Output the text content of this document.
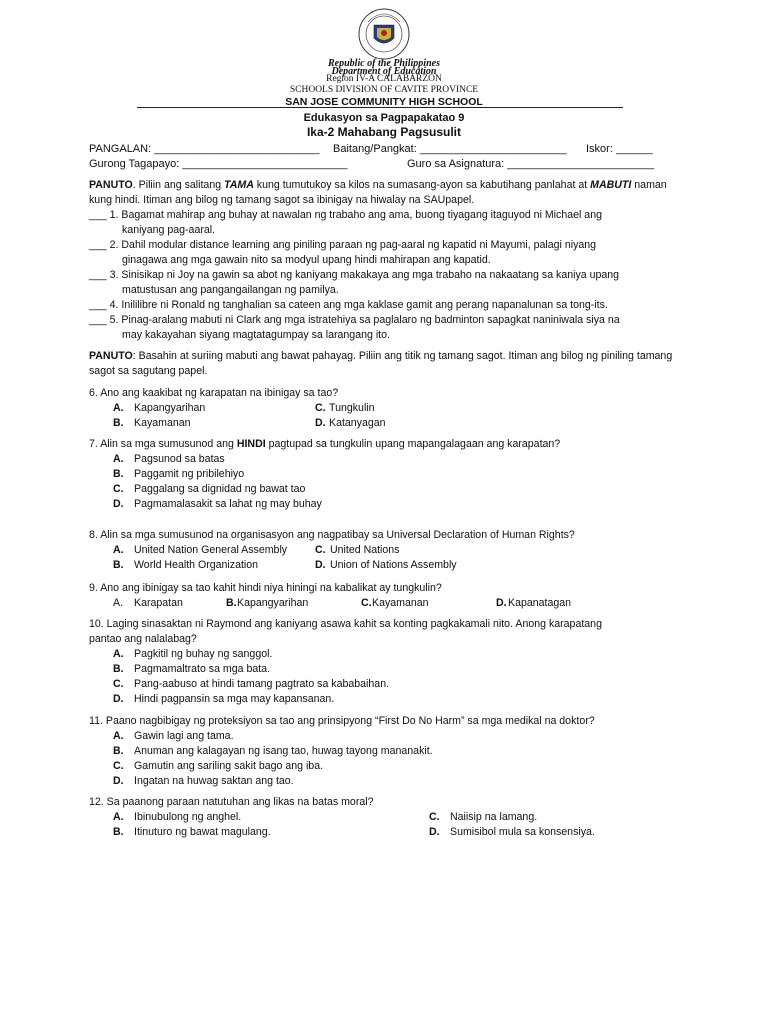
Republic of the Philippines
Department of Education
Region IV-A CALABARZON
SCHOOLS DIVISION OF CAVITE PROVINCE
SAN JOSE COMMUNITY HIGH SCHOOL
Edukasyon sa Pagpapakatao 9
Ika-2 Mahabang Pagsusulit
PANGALAN: ___________________________ Baitang/Pangkat: ________________________ Iskor: ______
Gurong Tagapayo: ___________________________	Guro sa Asignatura: ________________________
PANUTO. Piliin ang salitang TAMA kung tumutukoy sa kilos na sumasang-ayon sa kabutihang panlahat at MABUTI naman kung hindi. Itiman ang bilog ng tamang sagot sa ibinigay na hiwalay na SAUpapel.
___ 1. Bagamat mahirap ang buhay at nawalan ng trabaho ang ama, buong tiyagang itaguyod ni Michael ang
kaniyang pag-aaral.
___ 2. Dahil modular distance learning ang piniling paraan ng pag-aaral ng kapatid ni Mayumi, palagi niyang
ginagawa ang mga gawain nito sa modyul upang hindi mahirapan ang kapatid.
___ 3. Sinisikap ni Joy na gawin sa abot ng kaniyang makakaya ang mga trabaho na nakaatang sa kaniya upang
matustusan ang pangangailangan ng pamilya.
___ 4. Inililibre ni Ronald ng tanghalian sa cateen ang mga kaklase gamit ang perang napanalunan sa tong-its.
___ 5. Pinag-aralang mabuti ni Clark ang mga istratehiya sa paglalaro ng badminton sapagkat naniniwala siya na
may kakayahan siyang magtatagumpay sa larangang ito.
PANUTO: Basahin at suriing mabuti ang bawat pahayag. Piliin ang titik ng tamang sagot. Itiman ang bilog ng piniling tamang sagot sa sagutang papel.
6. Ano ang kaakibat ng karapatan na ibinigay sa tao?
A. Kapangyarihan
B. Kayamanan
C. Tungkulin
D. Katanyagan
7. Alin sa mga sumusunod ang HINDI pagtupad sa tungkulin upang mapangalagaan ang karapatan?
A. Pagsunod sa batas
B. Paggamit ng pribilehiyo
C. Paggalang sa dignidad ng bawat tao
D. Pagmamalasakit sa lahat ng may buhay
8. Alin sa mga sumusunod na organisasyon ang nagpatibay sa Universal Declaration of Human Rights?
A. United Nation General Assembly
B. World Health Organization
C. United Nations
D. Union of Nations Assembly
9. Ano ang ibinigay sa tao kahit hindi niya hiningi na kabalikat ay tungkulin?
A. Karapatan	B.Kapangyarihan	C.Kayamanan	D.Kapanatagan
10. Laging sinasaktan ni Raymond ang kaniyang asawa kahit sa konting pagkakamali nito. Anong karapatang
pantao ang nalalabag?
A. Pagkitil ng buhay ng sanggol.
B. Pagmamaltrato sa mga bata.
C. Pang-aabuso at hindi tamang pagtrato sa kababaihan.
D. Hindi pagpansin sa mga may kapansanan.
11. Paano nagbibigay ng proteksiyon sa tao ang prinsipyong “First Do No Harm” sa mga medikal na doktor?
A. Gawin lagi ang tama.
B. Anuman ang kalagayan ng isang tao, huwag tayong mananakit.
C. Gamutin ang sariling sakit bago ang iba.
D. Ingatan na huwag saktan ang tao.
12. Sa paanong paraan natutuhan ang likas na batas moral?
A. Ibinubulong ng anghel.
B. Itinuturo ng bawat magulang.
C. Naiisip na lamang.
D. Sumisibol mula sa konsensiya.
